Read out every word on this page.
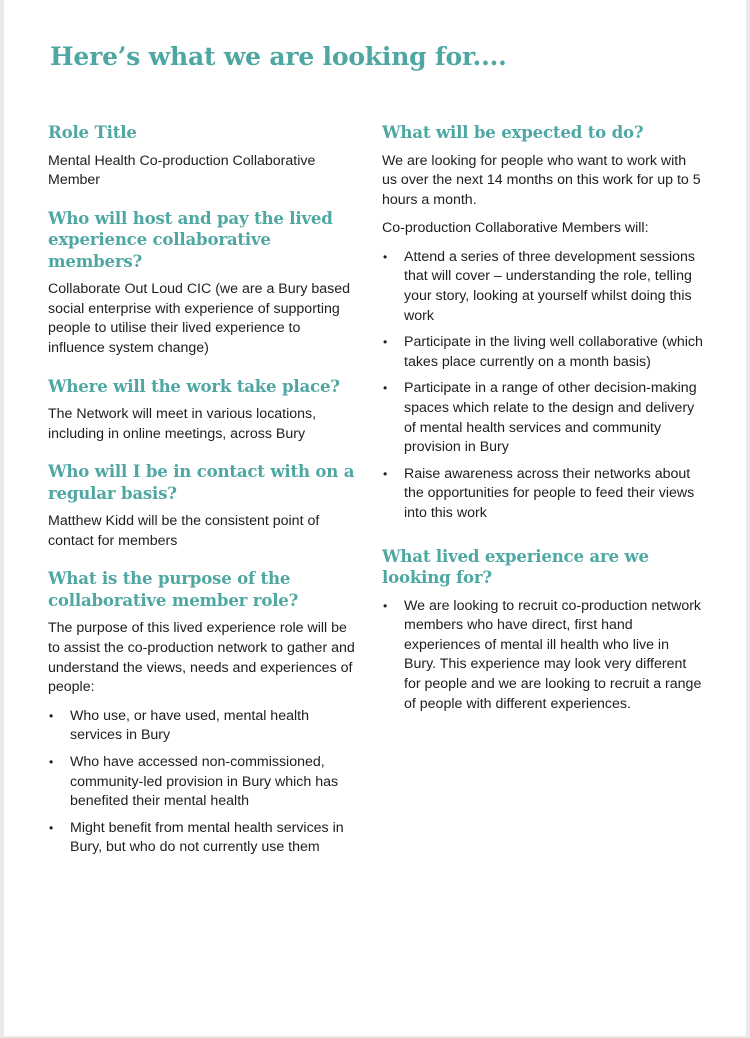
Here’s what we are looking for....
Role Title

Mental Health Co-production Collaborative Member

Who will host and pay the lived experience collaborative members?

Collaborate Out Loud CIC (we are a Bury based social enterprise with experience of supporting people to utilise their lived experience to influence system change)

Where will the work take place?

The Network will meet in various locations, including in online meetings, across Bury

Who will I be in contact with on a regular basis?

Matthew Kidd will be the consistent point of contact for members

What is the purpose of the collaborative member role?

The purpose of this lived experience role will be to assist the co-production network to gather and understand the views, needs and experiences of people:

• Who use, or have used, mental health services in Bury
• Who have accessed non-commissioned, community-led provision in Bury which has benefited their mental health
• Might benefit from mental health services in Bury, but who do not currently use them
What will be expected to do?

We are looking for people who want to work with us over the next 14 months on this work for up to 5 hours a month.

Co-production Collaborative Members will:

• Attend a series of three development sessions that will cover – understanding the role, telling your story, looking at yourself whilst doing this work
• Participate in the living well collaborative (which takes place currently on a month basis)
• Participate in a range of other decision-making spaces which relate to the design and delivery of mental health services and community provision in Bury
• Raise awareness across their networks about the opportunities for people to feed their views into this work
What lived experience are we looking for?
• We are looking to recruit co-production network members who have direct, first hand experiences of mental ill health who live in Bury. This experience may look very different for people and we are looking to recruit a range of people with different experiences.
